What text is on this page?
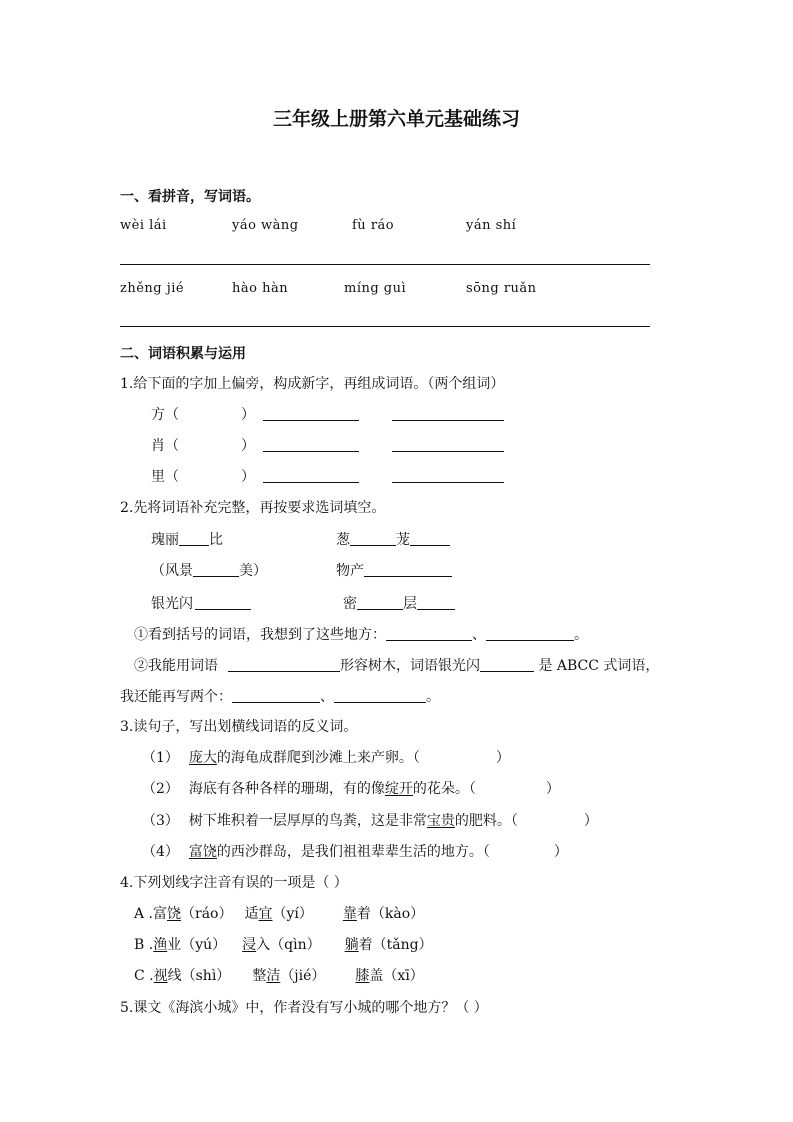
三年级上册第六单元基础练习
一、看拼音，写词语。
wèi lái	yáo wàng	fù ráo	yán shí
zhěng jié	hào hàn	míng guì	sōng ruǎn
二、词语积累与运用
1.给下面的字加上偏旁，构成新字，再组成词语。（两个组词）
方（	）
肖（	）
里（	）
2.先将词语补充完整，再按要求选词填空。
瑰丽 比	葱	茏
（风景	美）	物产
银光闪	密	层
①看到括号的词语，我想到了这些地方：	、	。
②我能用词语	形容树木，词语银光闪	是 ABCC 式词语，
我还能再写两个：	、	。
3.读句子，写出划横线词语的反义词。
（1） 庞大的海龟成群爬到沙滩上来产卵。（	）
（2） 海底有各种各样的珊瑚，有的像绽开的花朵。（	）
（3） 树下堆积着一层厚厚的鸟粪，这是非常宝贵的肥料。（	）
（4） 富饶的西沙群岛，是我们祖祖辈辈生活的地方。（	）
4.下列划线字注音有误的一项是（ ）
A .富饶（ráo） 适宜（yí） 靠着（kào）
B .渔业（yú） 浸入（qìn） 躺着（tǎng）
C .视线（shì） 整洁（jié） 膝盖（xī）
5.课文《海滨小城》中，作者没有写小城的哪个地方？（ ）
